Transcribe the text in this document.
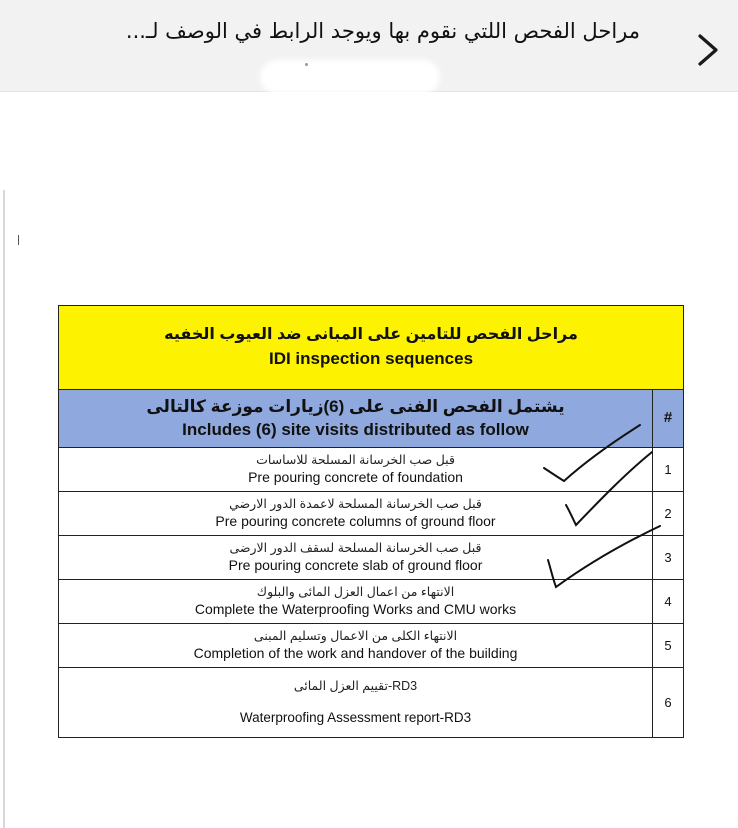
مراحل الفحص اللتي نقوم بها ويوجد الرابط في الوصف لـ...
مراحل الفحص للتامين على المبانى ضد العيوب الخفيه
IDI inspection sequences	

يشتمل الفحص الفنى على (6)زيارات موزعة كالتالى
Includes (6) site visits distributed as follow	#

قبل صب الخرسانة المسلحة للاساسات
Pre pouring concrete of foundation	1

قبل صب الخرسانة المسلحة لاعمدة الدور الارضي
Pre pouring concrete columns of ground floor	2

قبل صب الخرسانة المسلحة لسقف الدور الارضى
Pre pouring concrete slab of ground floor	3

الانتهاء من اعمال العزل المائى والبلوك
Complete the Waterproofing Works and CMU works	4

الانتهاء الكلى من الاعمال وتسليم المبنى
Completion of the work and handover of the building	5

RD3-تقييم العزل المائى
Waterproofing Assessment report-RD3	6
